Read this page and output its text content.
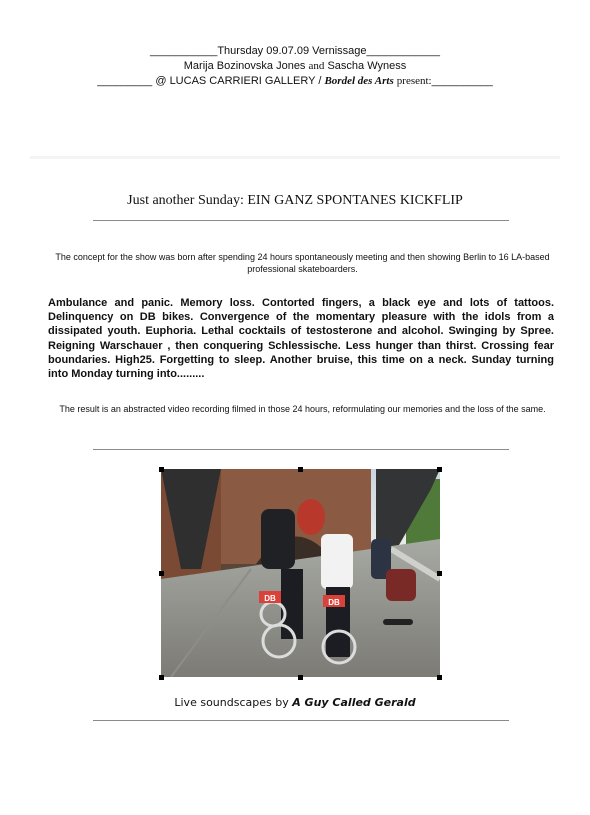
___________Thursday 09.07.09 Vernissage____________
Marija Bozinovska Jones and Sascha Wyness
_________ @ LUCAS CARRIERI GALLERY / Bordel des Arts present:__________
Just another Sunday: EIN GANZ SPONTANES KICKFLIP
The concept for the show was born after spending 24 hours spontaneously meeting and then showing Berlin to 16 LA-based professional skateboarders.
Ambulance and panic. Memory loss. Contorted fingers, a black eye and lots of tattoos. Delinquency on DB bikes. Convergence of the momentary pleasure with the idols from a dissipated youth. Euphoria. Lethal cocktails of testosterone and alcohol. Swinging by Spree. Reigning Warschauer , then conquering Schlessische. Less hunger than thirst. Crossing fear boundaries. High25. Forgetting to sleep. Another bruise, this time on a neck. Sunday turning into Monday turning into.........
The result is an abstracted video recording filmed in those 24 hours, reformulating our memories and the loss of the same.
DB	DB
Live soundscapes by A Guy Called Gerald
